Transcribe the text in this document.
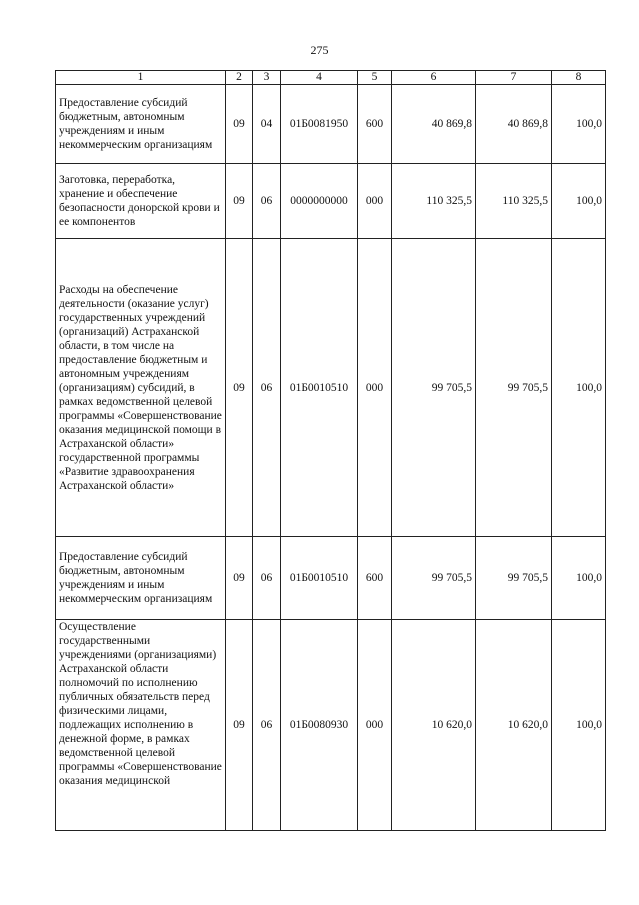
275
1	2	3	4	5	6	7	8
Предоставление субсидий бюджетным, автономным учреждениям и иным некоммерческим организациям	09	04	01Б0081950	600	40 869,8	40 869,8	100,0
Заготовка, переработка, хранение и обеспечение безопасности донорской крови и ее компонентов	09	06	0000000000	000	110 325,5	110 325,5	100,0
Расходы на обеспечение деятельности (оказание услуг) государственных учреждений (организаций) Астраханской области, в том числе на предоставление бюджетным и автономным учреждениям (организациям) субсидий, в рамках ведомственной целевой программы «Совершенствование оказания медицинской помощи в Астраханской области» государственной программы «Развитие здравоохранения Астраханской области»	09	06	01Б0010510	000	99 705,5	99 705,5	100,0
Предоставление субсидий бюджетным, автономным учреждениям и иным некоммерческим организациям	09	06	01Б0010510	600	99 705,5	99 705,5	100,0
Осуществление государственными учреждениями (организациями) Астраханской области полномочий по исполнению публичных обязательств перед физическими лицами, подлежащих исполнению в денежной форме, в рамках ведомственной целевой программы «Совершенствование оказания медицинской	09	06	01Б0080930	000	10 620,0	10 620,0	100,0
